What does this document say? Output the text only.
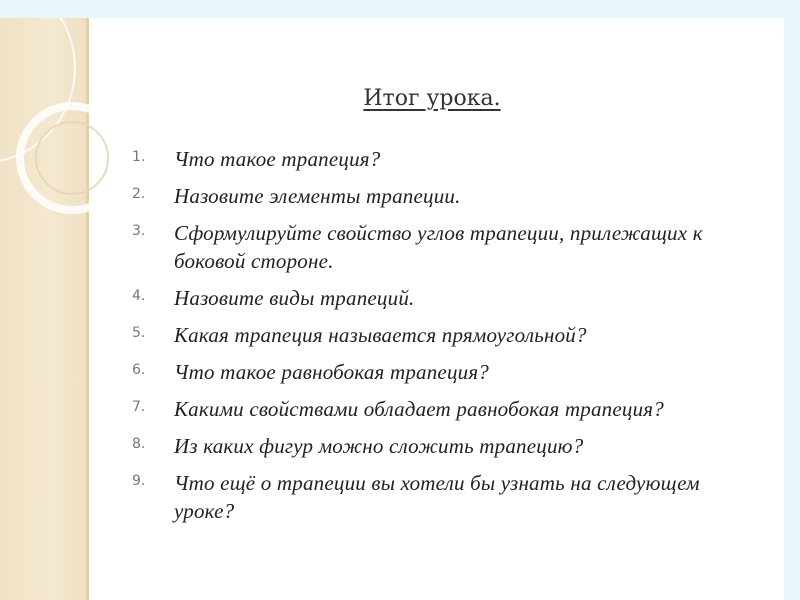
Итог урока.
1.	Что такое трапеция?
2.	Назовите элементы трапеции.
3.	Сформулируйте свойство углов трапеции, прилежащих к боковой стороне.
4.	Назовите виды трапеций.
5.	Какая трапеция называется прямоугольной?
6.	Что такое равнобокая трапеция?
7.	Какими свойствами обладает равнобокая трапеция?
8.	Из каких фигур можно сложить трапецию?
9.	Что ещё о трапеции вы хотели бы узнать на следующем уроке?
